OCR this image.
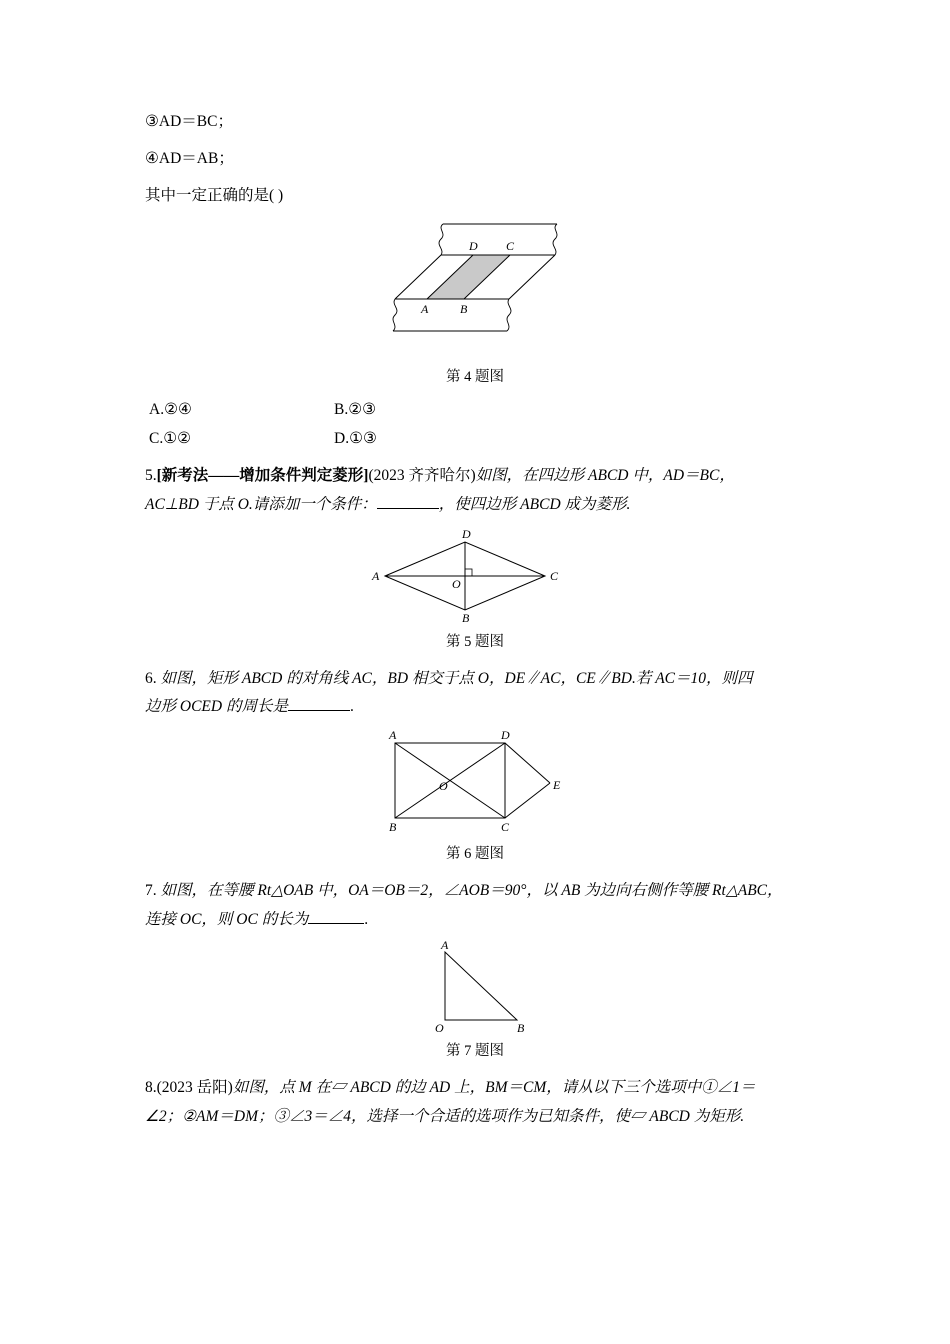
③AD＝BC；

④AD＝AB；

其中一定正确的是( )

D C
A	B

第 4 题图

A.②④	B.②③
C.①②	D.①③

5.[新考法——增加条件判定菱形](2023 齐齐哈尔)如图，在四边形 ABCD 中，AD＝BC，
AC⊥BD 于点 O.请添加一个条件：	，使四边形 ABCD 成为菱形.

D
A	C
B
O

第 5 题图

6. 如图，矩形 ABCD 的对角线 AC，BD 相交于点 O，DE∥AC，CE∥BD.若 AC＝10，则四
边形 OCED 的周长是	.

A	D
B	C
E
O

第 6 题图

7. 如图，在等腰 Rt△OAB 中，OA＝OB＝2，∠AOB＝90°，以 AB 为边向右侧作等腰 Rt△ABC，
连接 OC，则 OC 的长为	.

A
O	B

第 7 题图

8.(2023 岳阳)如图，点 M 在▱ ABCD 的边 AD 上，BM＝CM，请从以下三个选项中①∠1＝
∠2；②AM＝DM；③∠3＝∠4，选择一个合适的选项作为已知条件，使▱ ABCD 为矩形.
